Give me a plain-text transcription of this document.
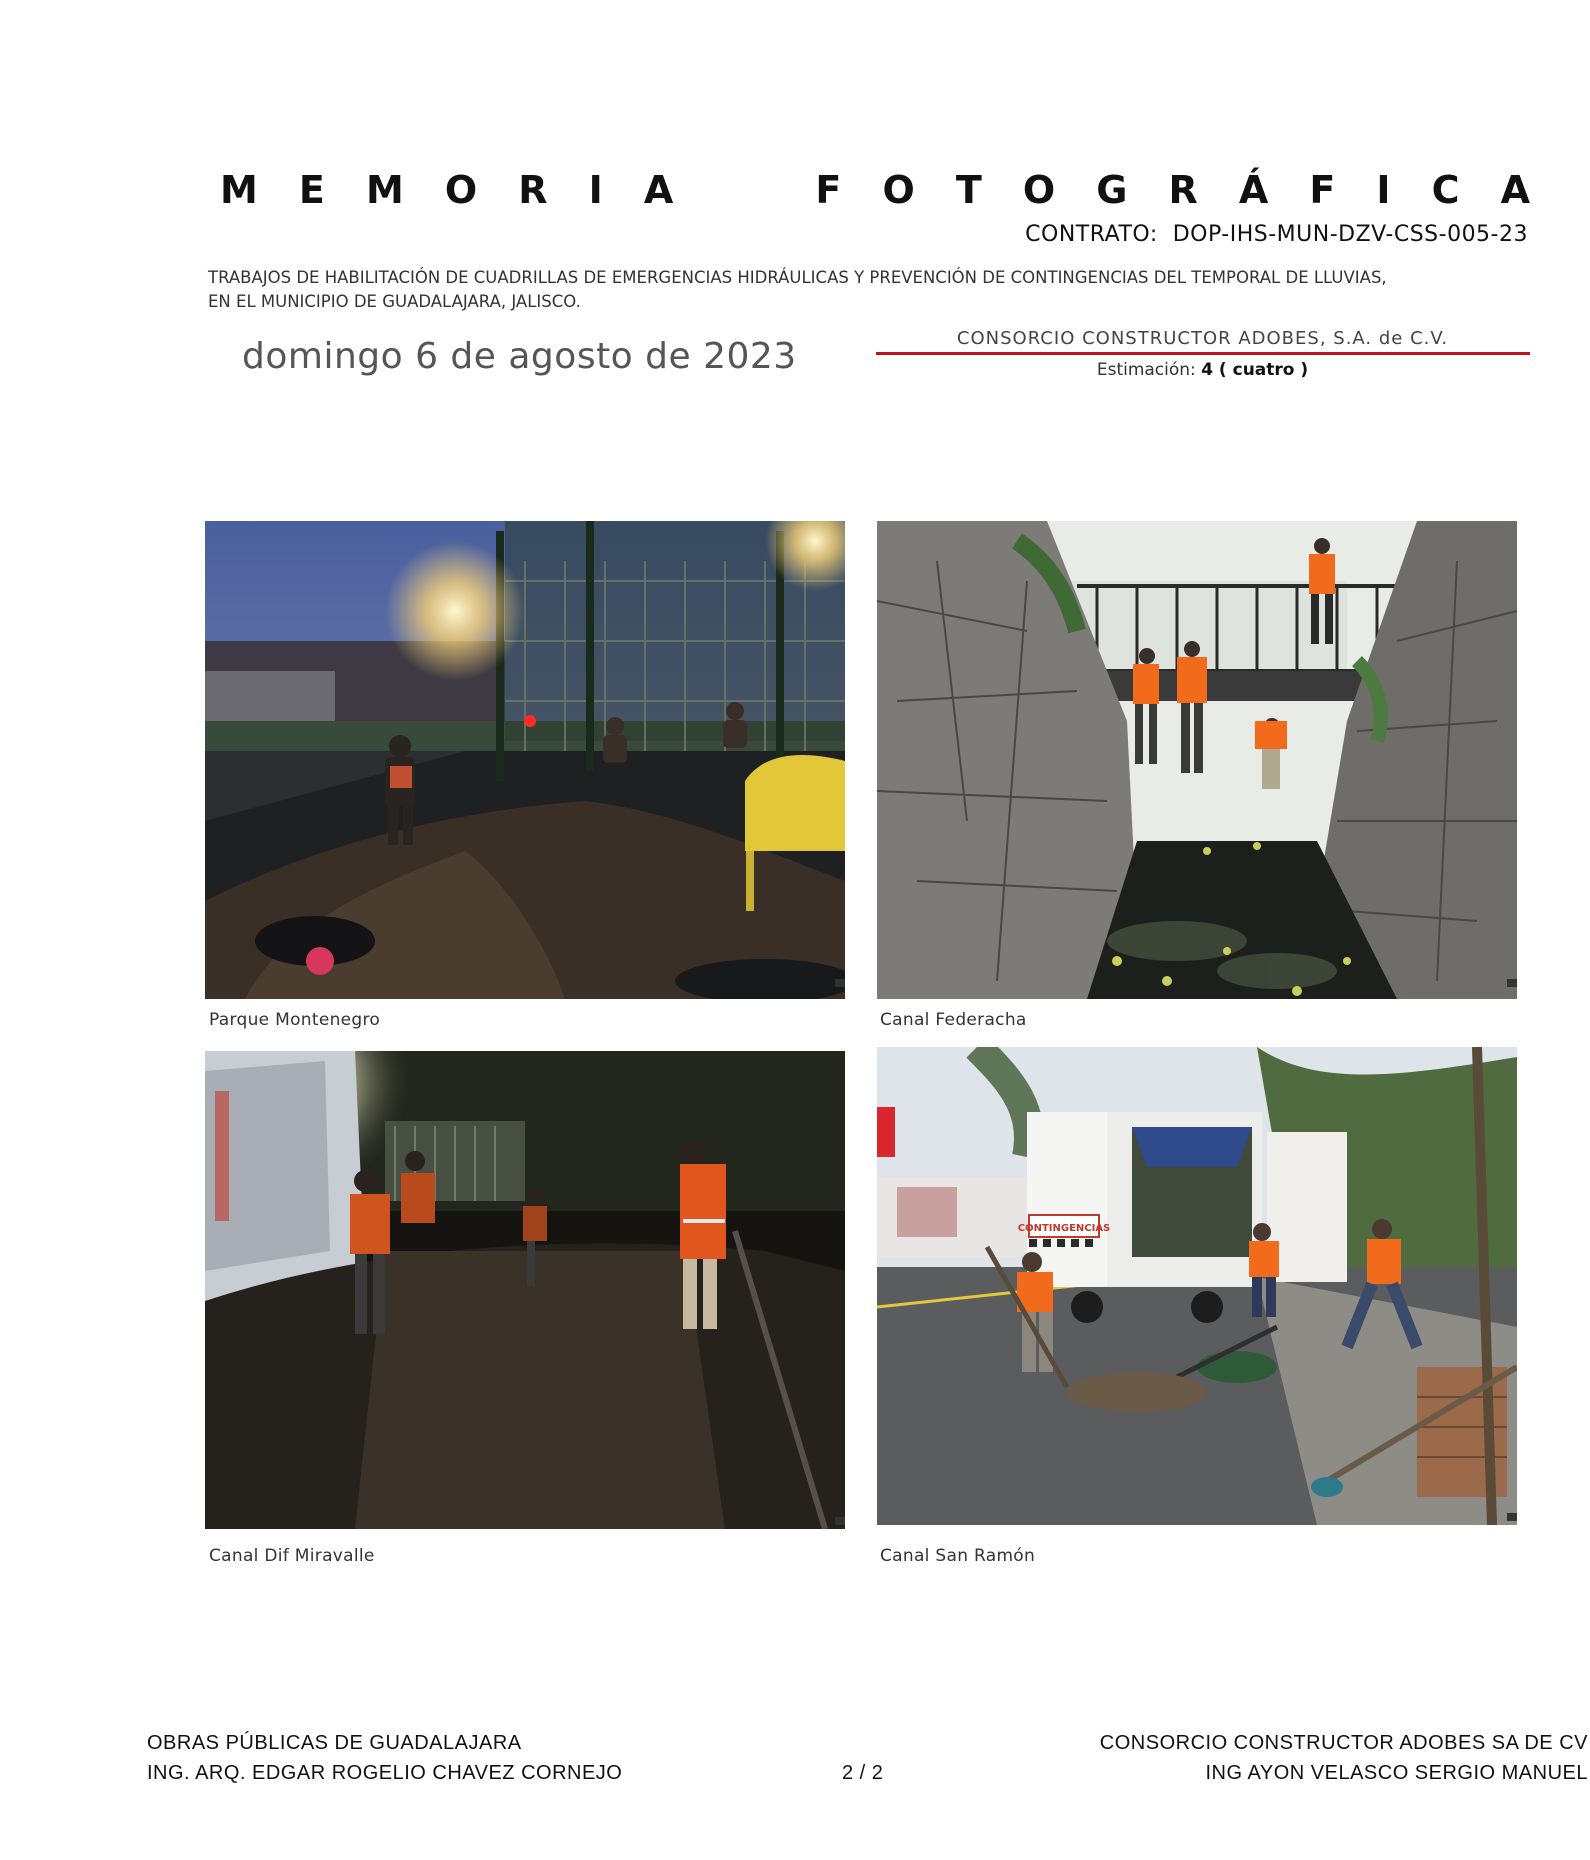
M E M O R I A	F O T O G R Á F I C A
CONTRATO: DOP-IHS-MUN-DZV-CSS-005-23
TRABAJOS DE HABILITACIÓN DE CUADRILLAS DE EMERGENCIAS HIDRÁULICAS Y PREVENCIÓN DE CONTINGENCIAS DEL TEMPORAL DE LLUVIAS,
EN EL MUNICIPIO DE GUADALAJARA, JALISCO.
domingo 6 de agosto de 2023	CONSORCIO CONSTRUCTOR ADOBES, S.A. de C.V.
Estimación: 4 ( cuatro )
Parque Montenegro	Canal Federacha
Canal Dif Miravalle
CONTINGENCIAS
Canal San Ramón
OBRAS PÚBLICAS DE GUADALAJARA
ING. ARQ. EDGAR ROGELIO CHAVEZ CORNEJO	2 / 2
CONSORCIO CONSTRUCTOR ADOBES SA DE CV
ING AYON VELASCO SERGIO MANUEL
